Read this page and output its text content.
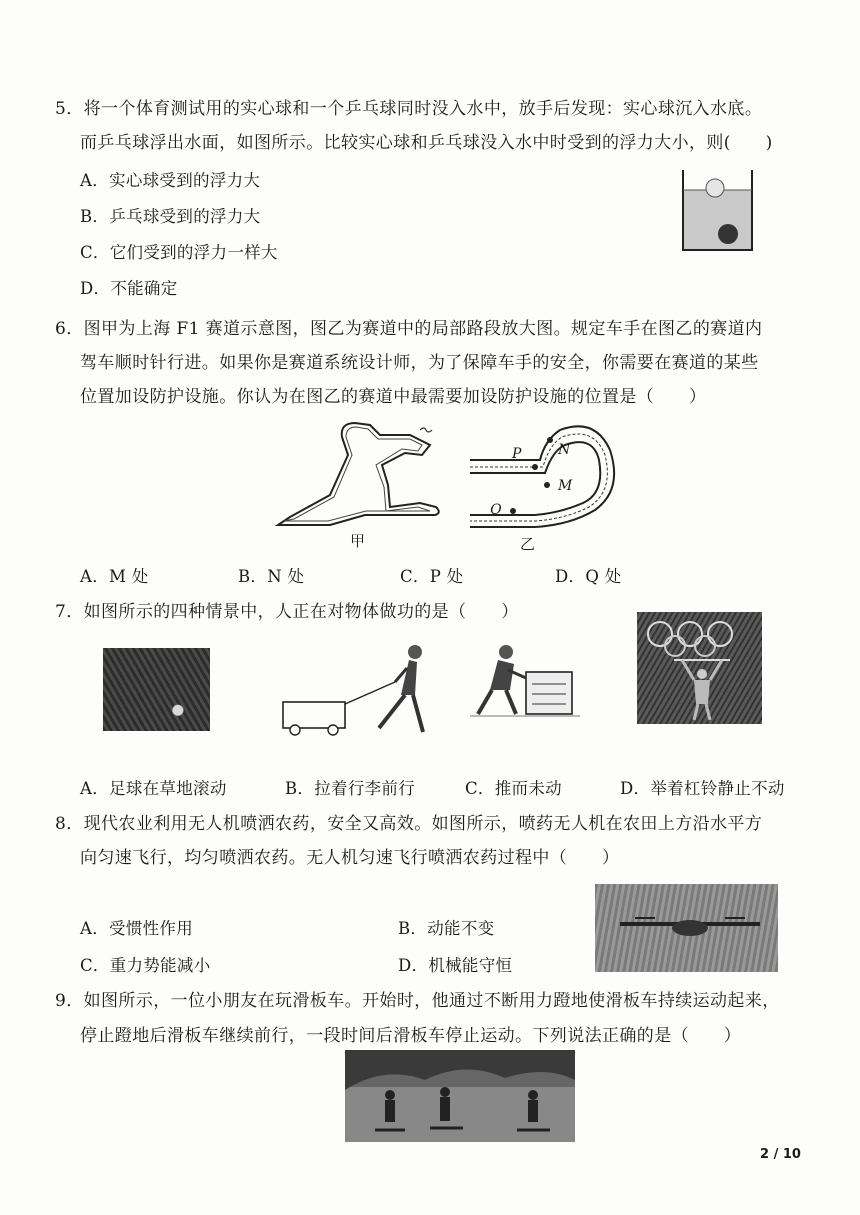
5．将一个体育测试用的实心球和一个乒乓球同时没入水中，放手后发现：实心球沉入水底。
而乒乓球浮出水面，如图所示。比较实心球和乒乓球没入水中时受到的浮力大小，则(　　)
A．实心球受到的浮力大
B．乒乓球受到的浮力大
C．它们受到的浮力一样大
D．不能确定
6．图甲为上海 F1 赛道示意图，图乙为赛道中的局部路段放大图。规定车手在图乙的赛道内
驾车顺时针行进。如果你是赛道系统设计师，为了保障车手的安全，你需要在赛道的某些
位置加设防护设施。你认为在图乙的赛道中最需要加设防护设施的位置是（　　）
甲
P	N
M
Q
乙
A．M 处	B．N 处	C．P 处	D．Q 处
7．如图所示的四种情景中，人正在对物体做功的是（　　）
A．足球在草地滚动	B．拉着行李前行	C．推而未动	D．举着杠铃静止不动
8．现代农业利用无人机喷洒农药，安全又高效。如图所示，喷药无人机在农田上方沿水平方
向匀速飞行，均匀喷洒农药。无人机匀速飞行喷洒农药过程中（　　）
A．受惯性作用	B．动能不变
C．重力势能减小	D．机械能守恒
9．如图所示，一位小朋友在玩滑板车。开始时，他通过不断用力蹬地使滑板车持续运动起来，
停止蹬地后滑板车继续前行，一段时间后滑板车停止运动。下列说法正确的是（　　）
2 / 10
